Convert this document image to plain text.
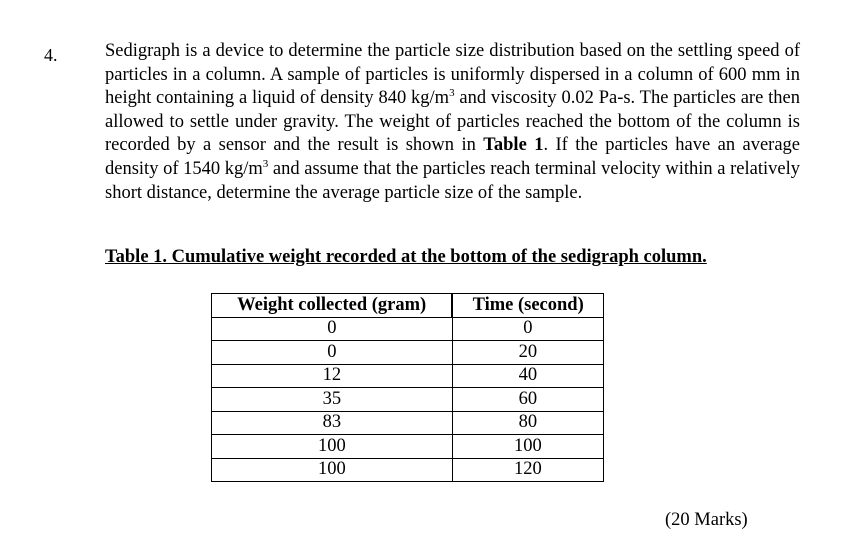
4.	Sedigraph is a device to determine the particle size distribution based on the settling speed of particles in a column. A sample of particles is uniformly dispersed in a column of 600 mm in height containing a liquid of density 840 $kg/m^3$ and viscosity 0.02 Pa-s. The particles are then allowed to settle under gravity. The weight of particles reached the bottom of the column is recorded by a sensor and the result is shown in Table 1. If the particles have an average density of 1540 $kg/m^3$ and assume that the particles reach terminal velocity within a relatively short distance, determine the average particle size of the sample.
Table 1. Cumulative weight recorded at the bottom of the sedigraph column.
Weight collected (gram)	Time (second)
0	0
0	20
12	40
35	60
83	80
100	100
100	120
(20 Marks)
